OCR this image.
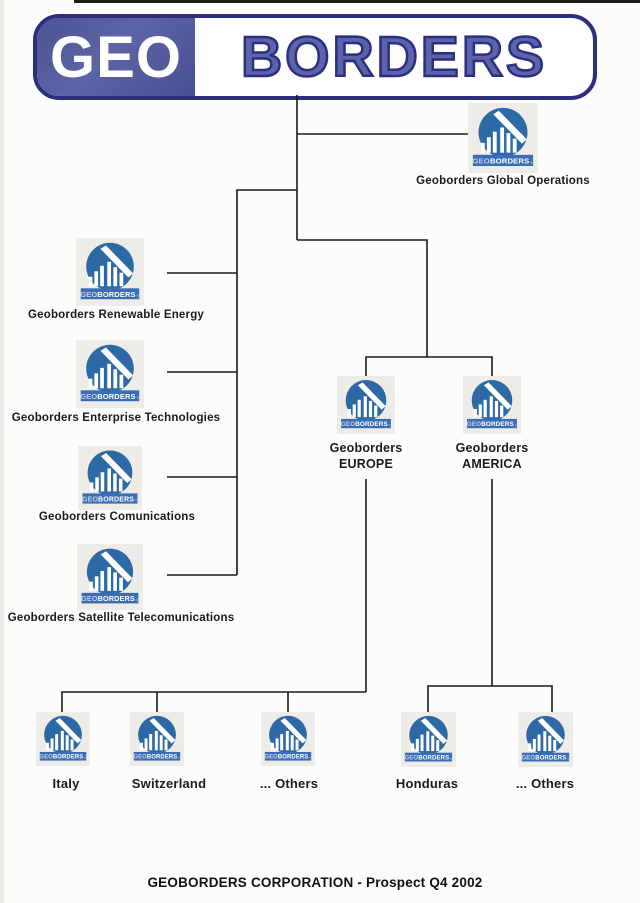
GEO BORDERS
GEOBORDERS ®
GEOBORDERS ®
GEOBORDERS ®
GEOBORDERS ®
GEOBORDERS ®
GEOBORDERS ®	GEOBORDERS ®
GEOBORDERS ®	GEOBORDERS ®	GEOBORDERS ®	GEOBORDERS ®	GEOBORDERS ®
Geoborders Global Operations
Geoborders Renewable Energy
Geoborders Enterprise Technologies
Geoborders Comunications
Geoborders Satellite Telecomunications
Geoborders
EUROPE
Geoborders
AMERICA
Italy	Switzerland	... Others	Honduras	... Others
GEOBORDERS CORPORATION - Prospect Q4 2002
